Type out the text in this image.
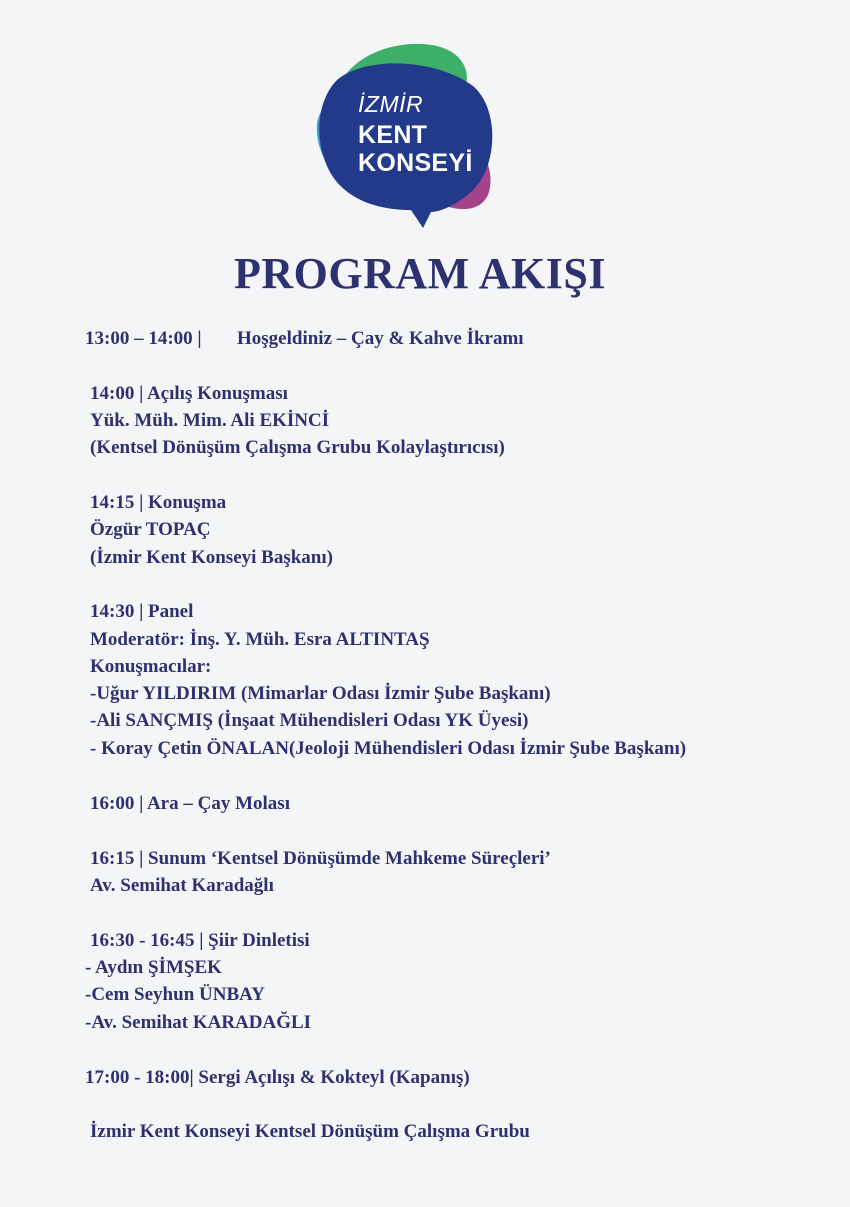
İZMİR
KENT
KONSEYİ
PROGRAM AKIŞI
13:00 – 14:00 | Hoşgeldiniz – Çay & Kahve İkramı
14:00 | Açılış Konuşması
Yük. Müh. Mim. Ali EKİNCİ
(Kentsel Dönüşüm Çalışma Grubu Kolaylaştırıcısı)
14:15 | Konuşma
Özgür TOPAÇ
(İzmir Kent Konseyi Başkanı)
14:30 | Panel
Moderatör: İnş. Y. Müh. Esra ALTINTAŞ
Konuşmacılar:
-Uğur YILDIRIM (Mimarlar Odası İzmir Şube Başkanı)
-Ali SANÇMIŞ (İnşaat Mühendisleri Odası YK Üyesi)
- Koray Çetin ÖNALAN(Jeoloji Mühendisleri Odası İzmir Şube Başkanı)
16:00 | Ara – Çay Molası
16:15 | Sunum ‘Kentsel Dönüşümde Mahkeme Süreçleri’
Av. Semihat Karadağlı
16:30 - 16:45 | Şiir Dinletisi
- Aydın ŞİMŞEK
-Cem Seyhun ÜNBAY
-Av. Semihat KARADAĞLI
17:00 - 18:00| Sergi Açılışı & Kokteyl (Kapanış)
İzmir Kent Konseyi Kentsel Dönüşüm Çalışma Grubu
